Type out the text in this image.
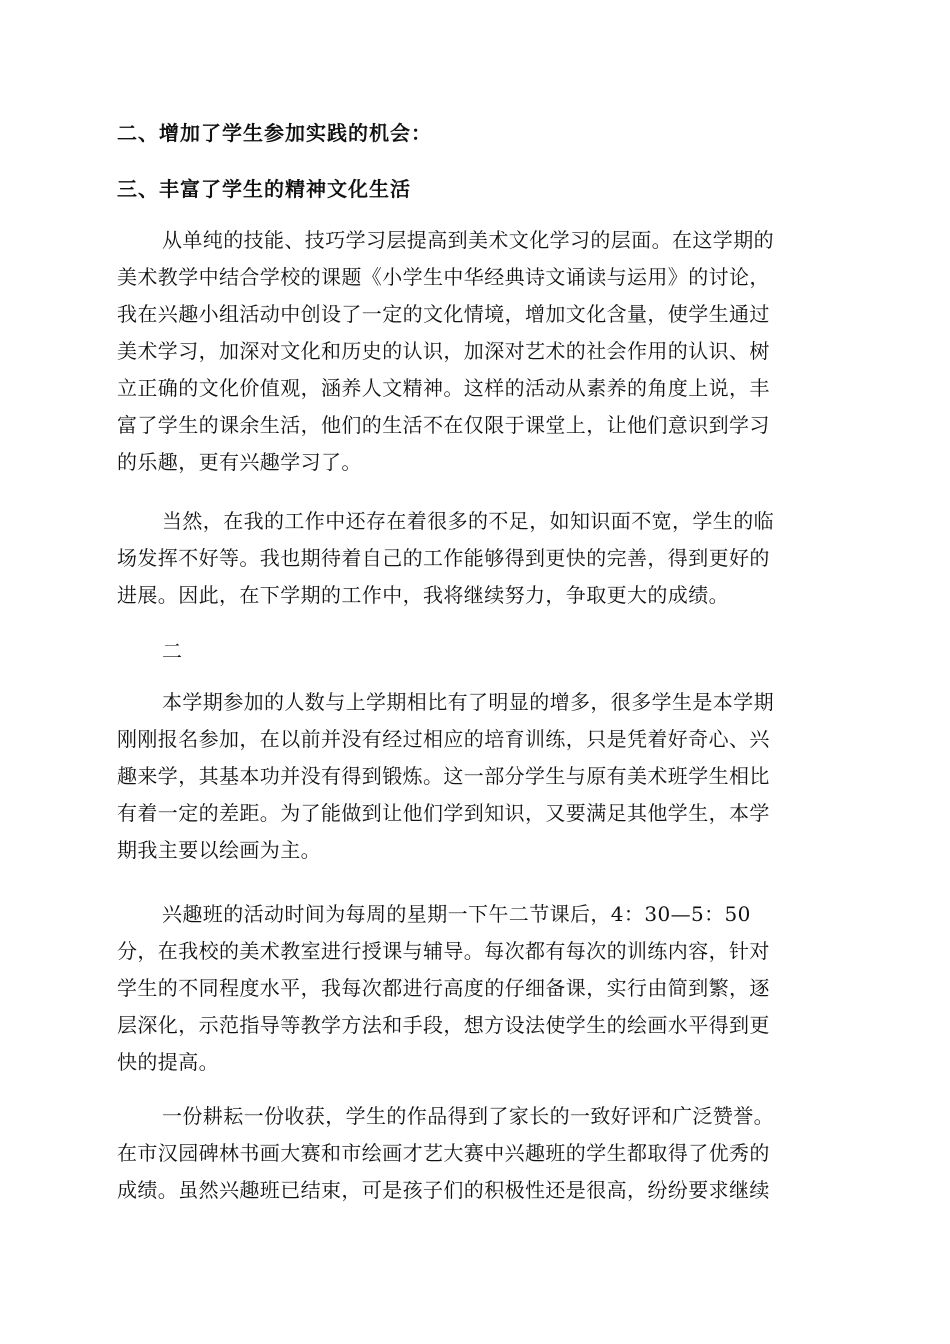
二、增加了学生参加实践的机会：
三、丰富了学生的精神文化生活
从单纯的技能、技巧学习层提高到美术文化学习的层面。在这学期的
美术教学中结合学校的课题《小学生中华经典诗文诵读与运用》的讨论，
我在兴趣小组活动中创设了一定的文化情境，增加文化含量，使学生通过
美术学习，加深对文化和历史的认识，加深对艺术的社会作用的认识、树
立正确的文化价值观，涵养人文精神。这样的活动从素养的角度上说，丰
富了学生的课余生活，他们的生活不在仅限于课堂上，让他们意识到学习
的乐趣，更有兴趣学习了。
当然，在我的工作中还存在着很多的不足，如知识面不宽，学生的临
场发挥不好等。我也期待着自己的工作能够得到更快的完善，得到更好的
进展。因此，在下学期的工作中，我将继续努力，争取更大的成绩。
二
本学期参加的人数与上学期相比有了明显的增多，很多学生是本学期
刚刚报名参加，在以前并没有经过相应的培育训练，只是凭着好奇心、兴
趣来学，其基本功并没有得到锻炼。这一部分学生与原有美术班学生相比
有着一定的差距。为了能做到让他们学到知识，又要满足其他学生，本学
期我主要以绘画为主。
兴趣班的活动时间为每周的星期一下午二节课后，4：30—5：50
分，在我校的美术教室进行授课与辅导。每次都有每次的训练内容，针对
学生的不同程度水平，我每次都进行高度的仔细备课，实行由简到繁，逐
层深化，示范指导等教学方法和手段，想方设法使学生的绘画水平得到更
快的提高。
一份耕耘一份收获，学生的作品得到了家长的一致好评和广泛赞誉。
在市汉园碑林书画大赛和市绘画才艺大赛中兴趣班的学生都取得了优秀的
成绩。虽然兴趣班已结束，可是孩子们的积极性还是很高，纷纷要求继续
